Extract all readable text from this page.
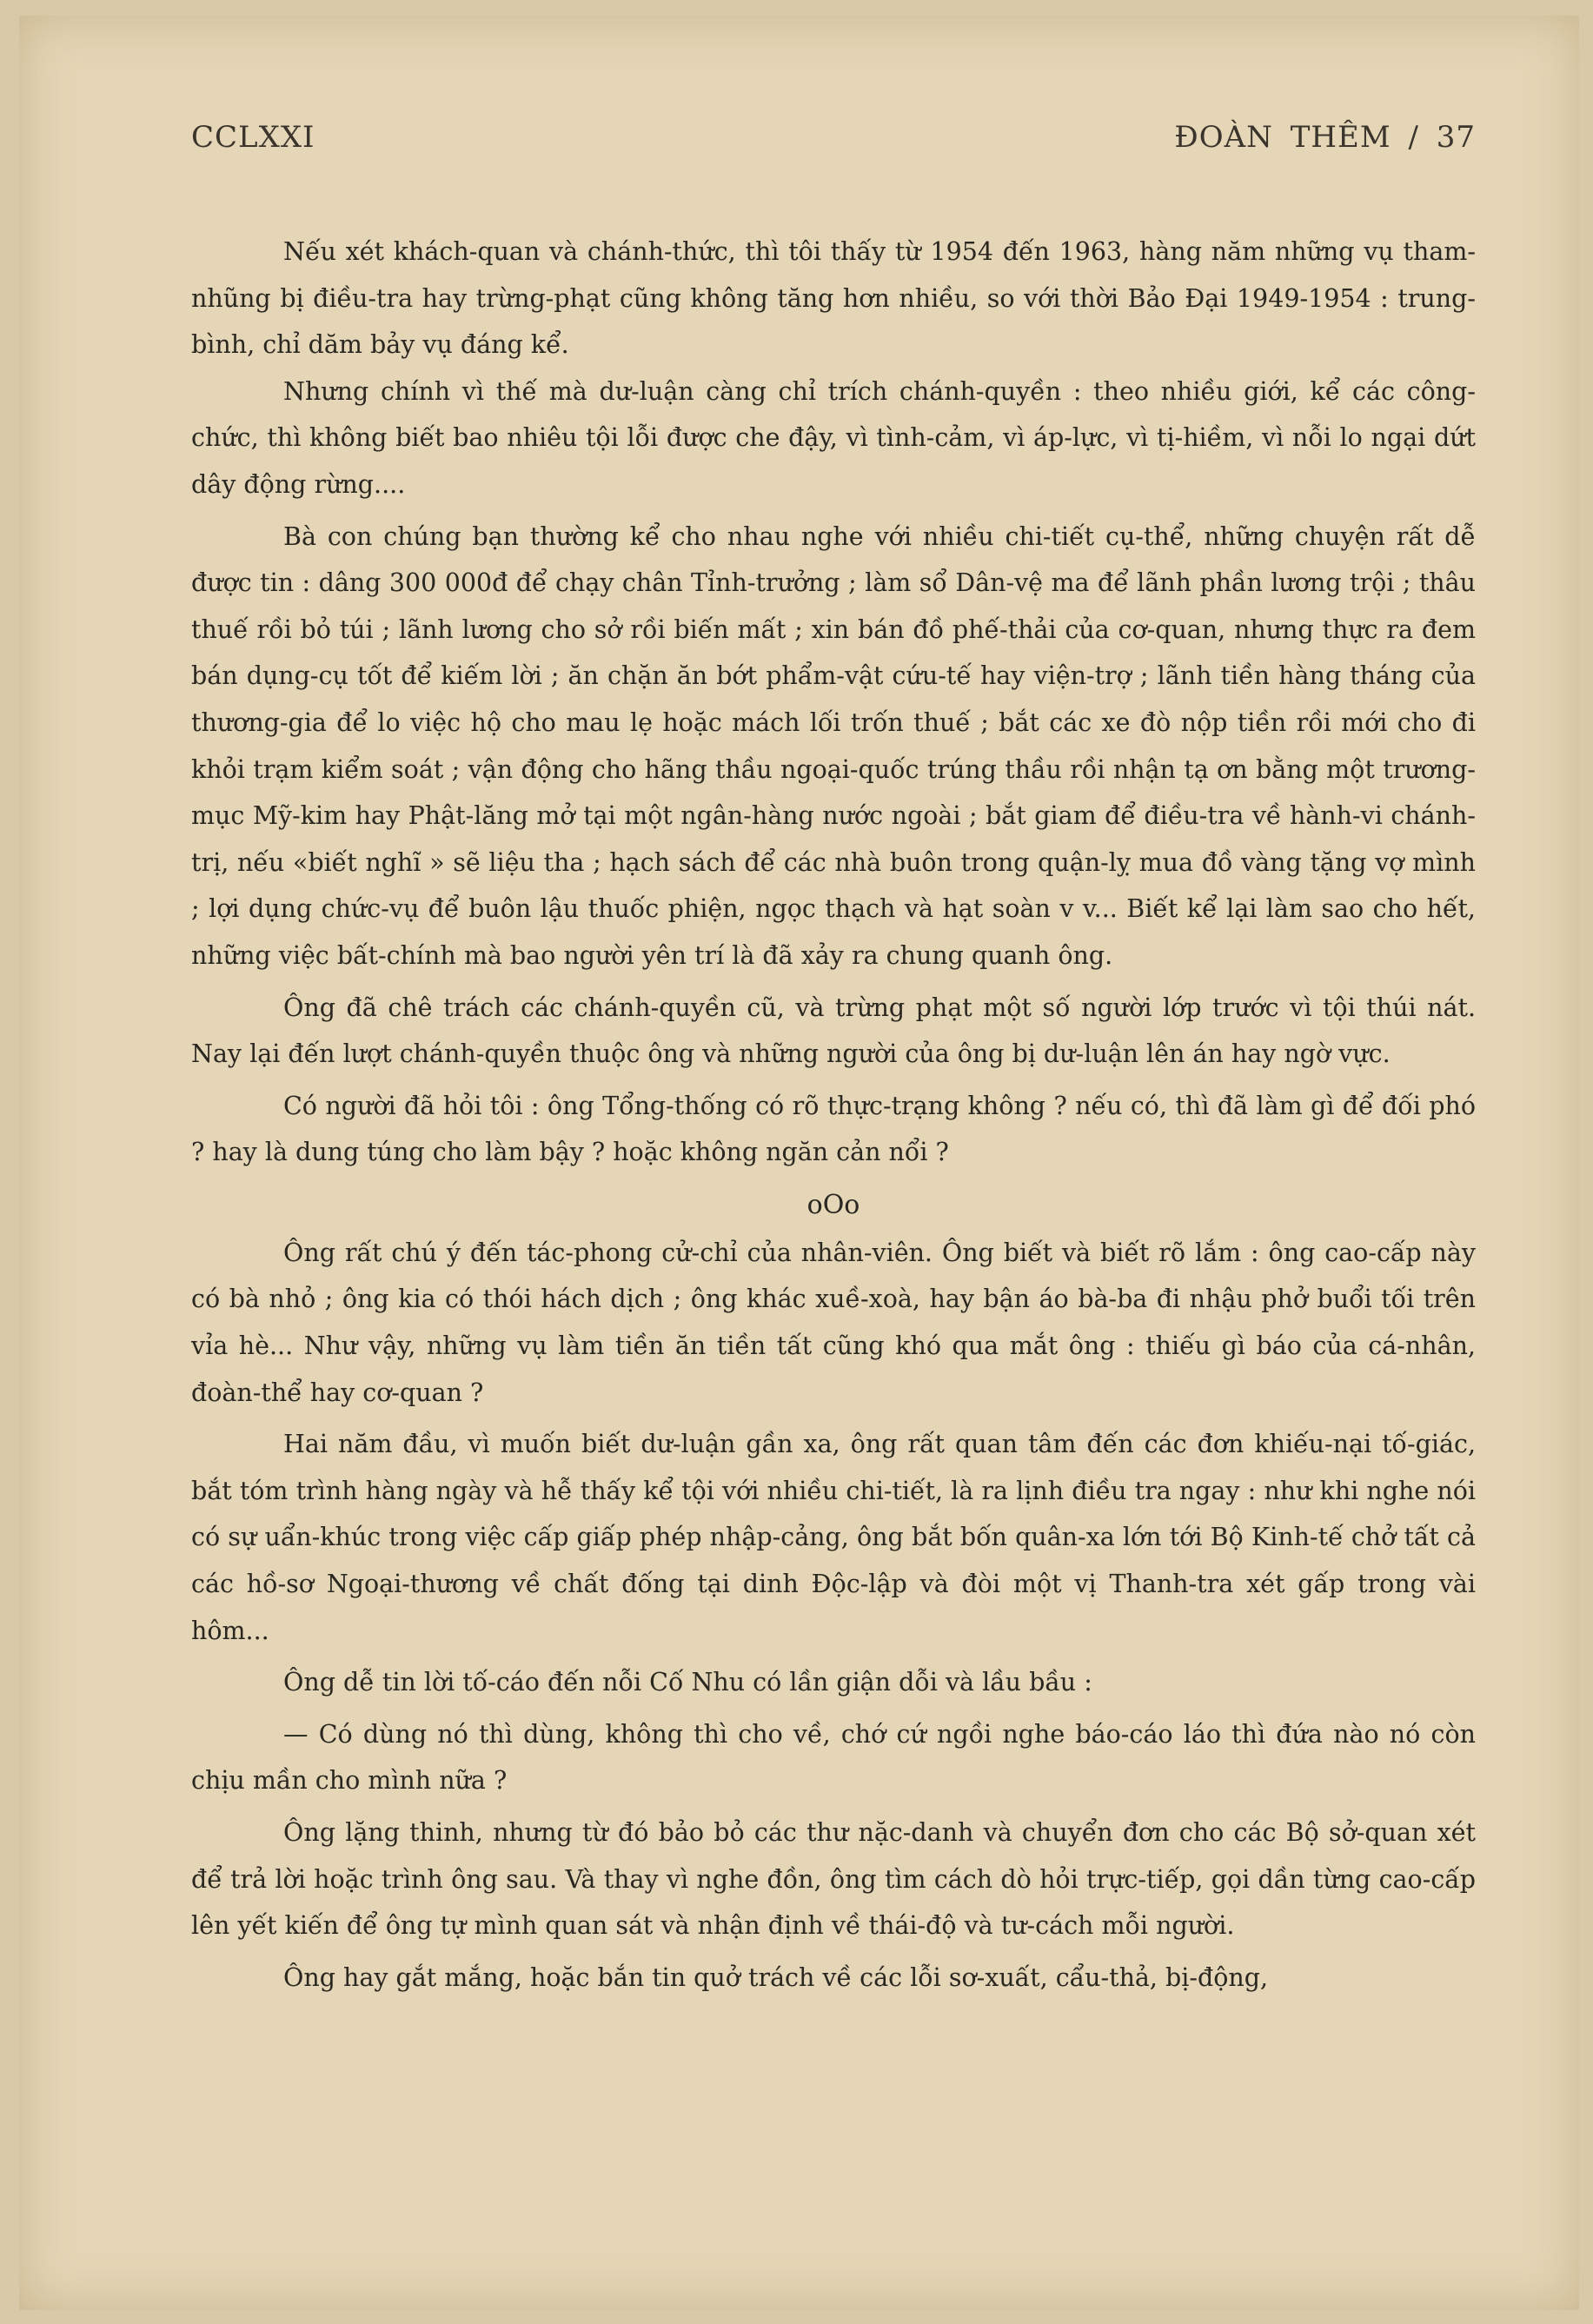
CCLXXI	ĐOÀN THÊM / 37

Nếu xét khách-quan và chánh-thức, thì tôi thấy từ 1954 đến 1963, hàng năm những vụ tham-nhũng bị điều-tra hay trừng-phạt cũng không tăng hơn nhiều, so với thời Bảo Đại 1949-1954 : trung-bình, chỉ dăm bảy vụ đáng kể.

Nhưng chính vì thế mà dư-luận càng chỉ trích chánh-quyền : theo nhiều giới, kể các công-chức, thì không biết bao nhiêu tội lỗi được che đậy, vì tình-cảm, vì áp-lực, vì tị-hiềm, vì nỗi lo ngại dứt dây động rừng....

Bà con chúng bạn thường kể cho nhau nghe với nhiều chi-tiết cụ-thể, những chuyện rất dễ được tin : dâng 300 000đ để chạy chân Tỉnh-trưởng ; làm sổ Dân-vệ ma để lãnh phần lương trội ; thâu thuế rồi bỏ túi ; lãnh lương cho sở rồi biến mất ; xin bán đồ phế-thải của cơ-quan, nhưng thực ra đem bán dụng-cụ tốt để kiếm lời ; ăn chặn ăn bớt phẩm-vật cứu-tế hay viện-trợ ; lãnh tiền hàng tháng của thương-gia để lo việc hộ cho mau lẹ hoặc mách lối trốn thuế ; bắt các xe đò nộp tiền rồi mới cho đi khỏi trạm kiểm soát ; vận động cho hãng thầu ngoại-quốc trúng thầu rồi nhận tạ ơn bằng một trương-mục Mỹ-kim hay Phật-lăng mở tại một ngân-hàng nước ngoài ; bắt giam để điều-tra về hành-vi chánh-trị, nếu «biết nghĩ » sẽ liệu tha ; hạch sách để các nhà buôn trong quận-lỵ mua đồ vàng tặng vợ mình ; lợi dụng chức-vụ để buôn lậu thuốc phiện, ngọc thạch và hạt soàn v v... Biết kể lại làm sao cho hết, những việc bất-chính mà bao người yên trí là đã xảy ra chung quanh ông.

Ông đã chê trách các chánh-quyền cũ, và trừng phạt một số người lớp trước vì tội thúi nát. Nay lại đến lượt chánh-quyền thuộc ông và những người của ông bị dư-luận lên án hay ngờ vực.

Có người đã hỏi tôi : ông Tổng-thống có rõ thực-trạng không ? nếu có, thì đã làm gì để đối phó ? hay là dung túng cho làm bậy ? hoặc không ngăn cản nổi ?

oOo

Ông rất chú ý đến tác-phong cử-chỉ của nhân-viên. Ông biết và biết rõ lắm : ông cao-cấp này có bà nhỏ ; ông kia có thói hách dịch ; ông khác xuề-xoà, hay bận áo bà-ba đi nhậu phở buổi tối trên vỉa hè... Như vậy, những vụ làm tiền ăn tiền tất cũng khó qua mắt ông : thiếu gì báo của cá-nhân, đoàn-thể hay cơ-quan ?

Hai năm đầu, vì muốn biết dư-luận gần xa, ông rất quan tâm đến các đơn khiếu-nại tố-giác, bắt tóm trình hàng ngày và hễ thấy kể tội với nhiều chi-tiết, là ra lịnh điều tra ngay : như khi nghe nói có sự uẩn-khúc trong việc cấp giấp phép nhập-cảng, ông bắt bốn quân-xa lớn tới Bộ Kinh-tế chở tất cả các hồ-sơ Ngoại-thương về chất đống tại dinh Độc-lập và đòi một vị Thanh-tra xét gấp trong vài hôm...

Ông dễ tin lời tố-cáo đến nỗi Cố Nhu có lần giận dỗi và lầu bầu :

— Có dùng nó thì dùng, không thì cho về, chớ cứ ngồi nghe báo-cáo láo thì đứa nào nó còn chịu mần cho mình nữa ?

Ông lặng thinh, nhưng từ đó bảo bỏ các thư nặc-danh và chuyển đơn cho các Bộ sở-quan xét để trả lời hoặc trình ông sau. Và thay vì nghe đồn, ông tìm cách dò hỏi trực-tiếp, gọi dần từng cao-cấp lên yết kiến để ông tự mình quan sát và nhận định về thái-độ và tư-cách mỗi người.

Ông hay gắt mắng, hoặc bắn tin quở trách về các lỗi sơ-xuất, cẩu-thả, bị-động,
